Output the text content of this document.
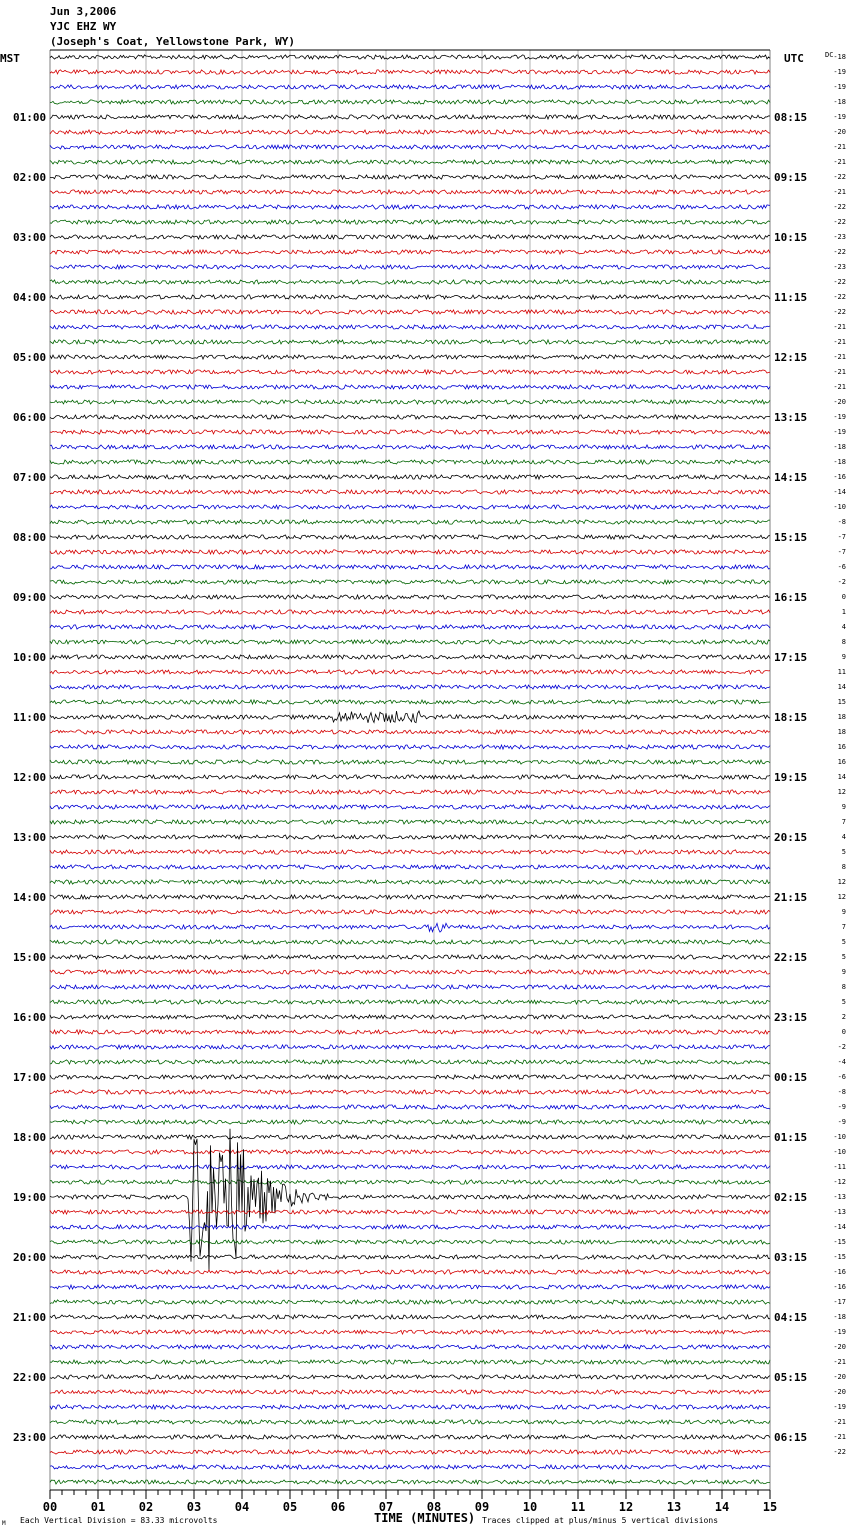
Jun 3,2006
YJC EHZ WY
(Joseph's Coat, Yellowstone Park, WY)
01:00
02:00
03:00
04:00
05:00
06:00
07:00
08:00
09:00
10:00
11:00
12:00
13:00
14:00
15:00
16:00
17:00
18:00
19:00
20:00
21:00
22:00
23:00
08:15
09:15
10:15
11:15
12:15
13:15
14:15
15:15
16:15
17:15
18:15
19:15
20:15
21:15
22:15
23:15
00:15
01:15
02:15
03:15
04:15
05:15
06:15
-18
-19
-19
-18
-19
-20
-21
-21
-22
-21
-22
-22
-23
-22
-23
-22
-22
-22
-21
-21
-21
-21
-21
-20
-19
-19
-18
-18
-16
-14
-10
-8
-7
-7
-6
-2
0
1
4
8
9
11
14
15
18
18
16
16
14
12
9
7
4
5
8
12
12
9
7
5
5
9
8
5
2
0
-2
-4
-6
-8
-9
-9
-10
-10
-11
-12
-13
-13
-14
-15
-15
-16
-16
-17
-18
-19
-20
-21
-20
-20
-19
-21
-21
-22
00	01	02	03	04	05	06	07	08	09	10	11	12	13	14	15
MST	UTC	DC
TIME (MINUTES)
Each Vertical Division = 83.33 microvolts	Traces clipped at plus/minus 5 vertical divisions
M
